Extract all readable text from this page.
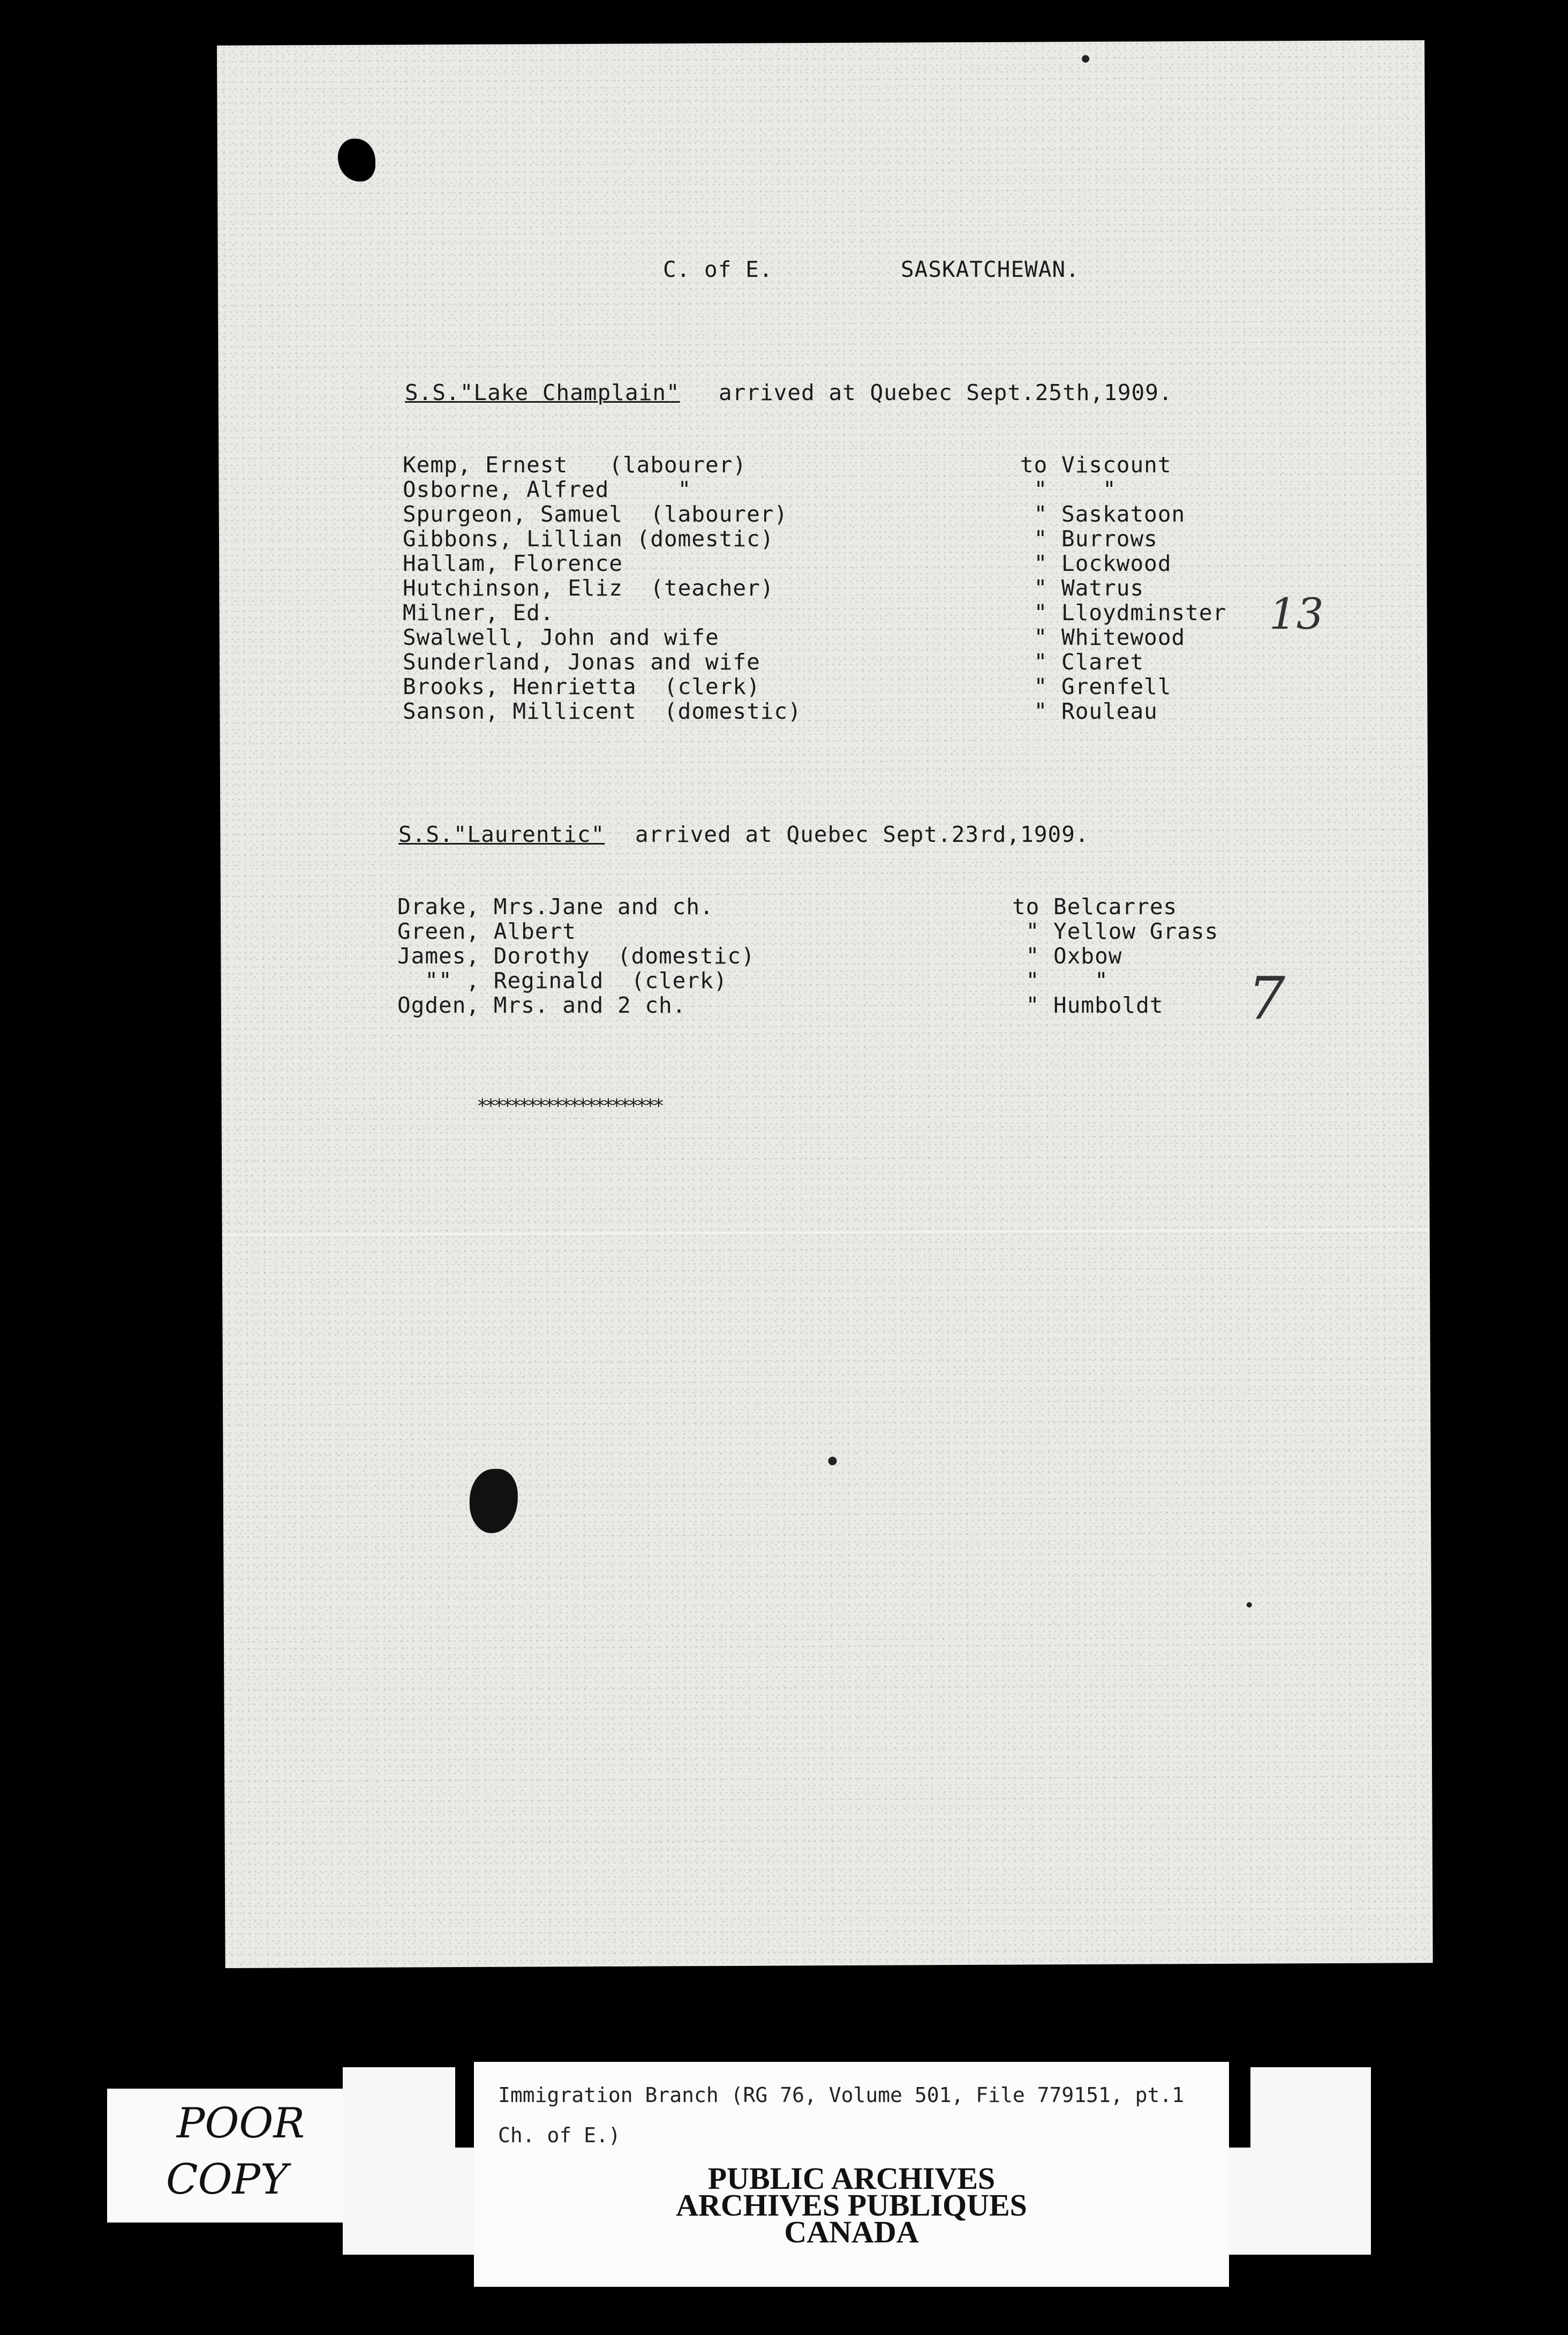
C. of E.	SASKATCHEWAN.
S.S."Lake Champlain" arrived at Quebec Sept.25th,1909.
Kemp, Ernest   (labourer)	to Viscount
Osborne, Alfred     "	"    "
Spurgeon, Samuel  (labourer)	" Saskatoon
Gibbons, Lillian (domestic)	" Burrows
Hallam, Florence	" Lockwood
Hutchinson, Eliz  (teacher)	" Watrus
Milner, Ed.	" Lloydminster
Swalwell, John and wife	" Whitewood
Sunderland, Jonas and wife	" Claret
Brooks, Henrietta  (clerk)	" Grenfell
Sanson, Millicent  (domestic)	" Rouleau
13
S.S."Laurentic" arrived at Quebec Sept.23rd,1909.
Drake, Mrs.Jane and ch.	to Belcarres
Green, Albert	" Yellow Grass
James, Dorothy  (domestic)	" Oxbow
"" , Reginald  (clerk)	"    "
Ogden, Mrs. and 2 ch.	" Humboldt 7
**********************
Immigration Branch (RG 76, Volume 501, File 779151, pt.1
Ch. of E.)
PUBLIC ARCHIVES
ARCHIVES PUBLIQUES
CANADA
POOR
COPY
